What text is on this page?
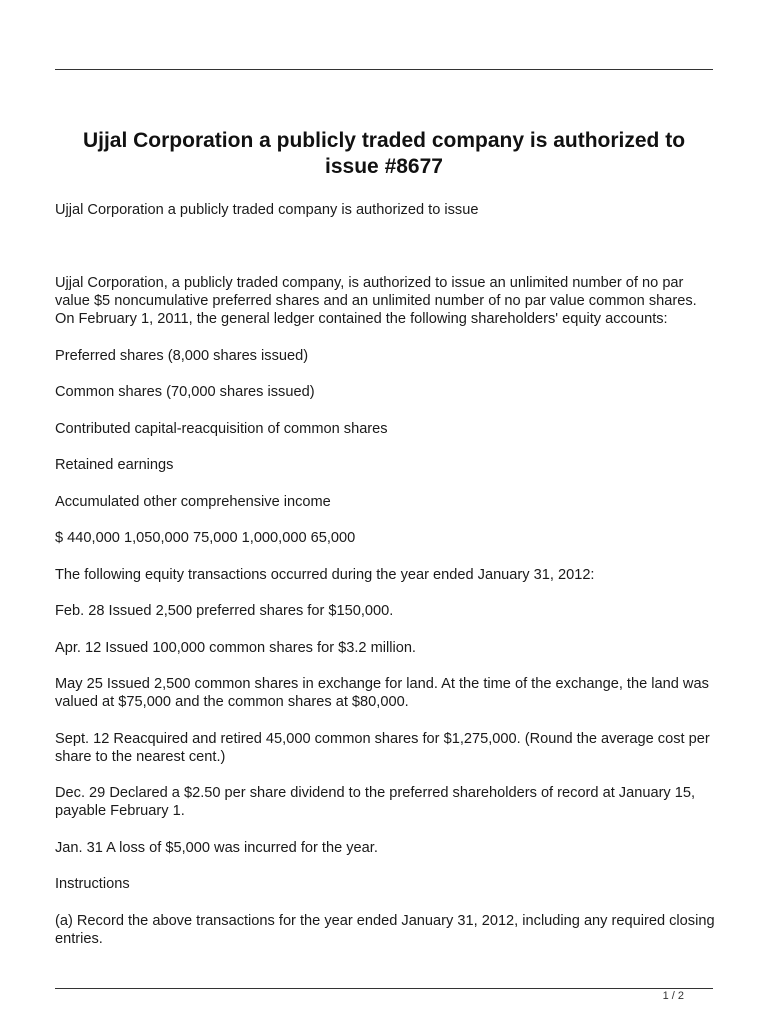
Ujjal Corporation a publicly traded company is authorized to issue #8677

Ujjal Corporation a publicly traded company is authorized to issue

Ujjal Corporation, a publicly traded company, is authorized to issue an unlimited number of no par value $5 noncumulative preferred shares and an unlimited number of no par value common shares. On February 1, 2011, the general ledger contained the following shareholders' equity accounts:

Preferred shares (8,000 shares issued)

Common shares (70,000 shares issued)

Contributed capital-reacquisition of common shares

Retained earnings

Accumulated other comprehensive income

$ 440,000 1,050,000 75,000 1,000,000 65,000

The following equity transactions occurred during the year ended January 31, 2012:

Feb. 28 Issued 2,500 preferred shares for $150,000.

Apr. 12 Issued 100,000 common shares for $3.2 million.

May 25 Issued 2,500 common shares in exchange for land. At the time of the exchange, the land was valued at $75,000 and the common shares at $80,000.

Sept. 12 Reacquired and retired 45,000 common shares for $1,275,000. (Round the average cost per share to the nearest cent.)

Dec. 29 Declared a $2.50 per share dividend to the preferred shareholders of record at January 15, payable February 1.

Jan. 31 A loss of $5,000 was incurred for the year.

Instructions

(a) Record the above transactions for the year ended January 31, 2012, including any required closing entries.

1 / 2
